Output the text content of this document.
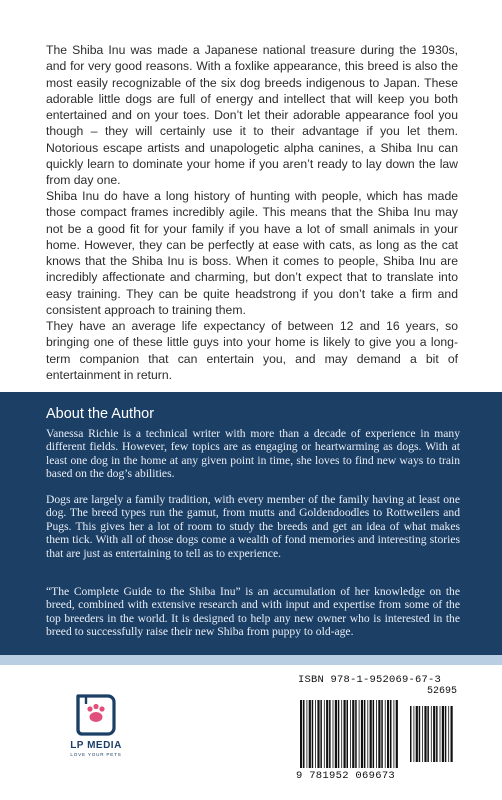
The Shiba Inu was made a Japanese national treasure during the 1930s, and for very good reasons. With a foxlike appearance, this breed is also the most easily recognizable of the six dog breeds indigenous to Japan. These adorable little dogs are full of energy and intellect that will keep you both entertained and on your toes. Don’t let their adorable appearance fool you though – they will certainly use it to their advantage if you let them. Notorious escape artists and unapologetic alpha canines, a Shiba Inu can quickly learn to dominate your home if you aren’t ready to lay down the law from day one.

Shiba Inu do have a long history of hunting with people, which has made those compact frames incredibly agile. This means that the Shiba Inu may not be a good fit for your family if you have a lot of small animals in your home. However, they can be perfectly at ease with cats, as long as the cat knows that the Shiba Inu is boss. When it comes to people, Shiba Inu are incredibly affectionate and charming, but don’t expect that to translate into easy training. They can be quite headstrong if you don’t take a firm and consistent approach to training them.

They have an average life expectancy of between 12 and 16 years, so bringing one of these little guys into your home is likely to give you a long-term companion that can entertain you, and may demand a bit of entertainment in return.

About the Author

Vanessa Richie is a technical writer with more than a decade of experience in many different fields. However, few topics are as engaging or heartwarming as dogs. With at least one dog in the home at any given point in time, she loves to find new ways to train based on the dog’s abilities.

Dogs are largely a family tradition, with every member of the family having at least one dog. The breed types run the gamut, from mutts and Goldendoodles to Rottweilers and Pugs. This gives her a lot of room to study the breeds and get an idea of what makes them tick. With all of those dogs come a wealth of fond memories and interesting stories that are just as entertaining to tell as to experience.

“The Complete Guide to the Shiba Inu” is an accumulation of her knowledge on the breed, combined with extensive research and with input and expertise from some of the top breeders in the world. It is designed to help any new owner who is interested in the breed to successfully raise their new Shiba from puppy to old-age.

LP MEDIA
LOVE YOUR PETS
ISBN 978-1-952069-67-3
52695
9 781952 069673
